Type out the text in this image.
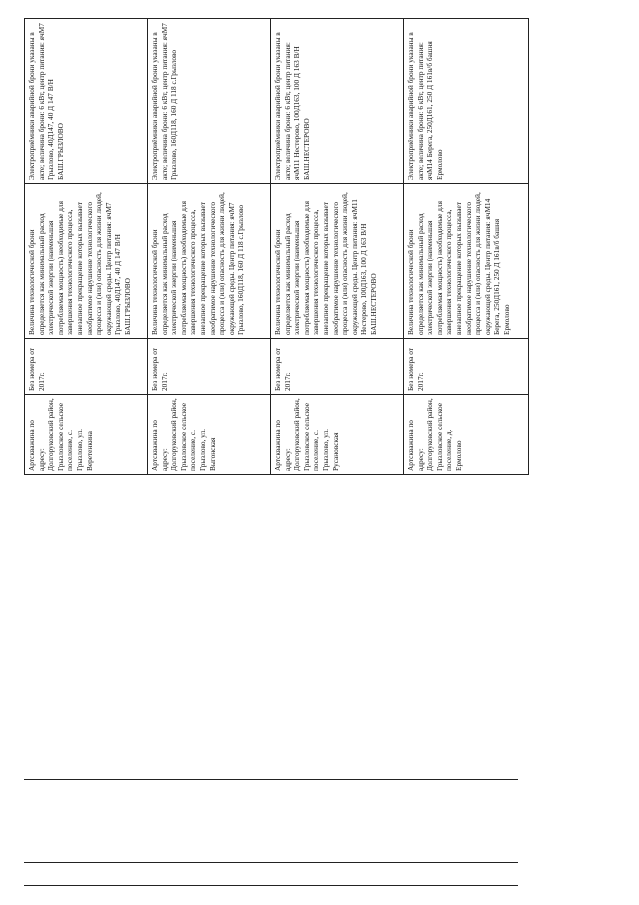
Артскважина по адресу: Долгоруковский район, Грызловское сельское поселение, с. Грызлово, ул. Веретенкина	Без номера от 2017г.	Величина технологической брони определяется как минимальный расход электрической энергии (наименьшая потребляемая мощность) необходимые для завершения технологического процесса, внезапное прекращение которых вызывает необратимое нарушение технологического процесса и (или) опасность для жизни людей, окружающей среды. Центр питания: ячМ7 Грызлово, 40Д147, 40 Д 147 В/Н БАШ.ГРЫЗЛОВО	Электроприёмники аварийной брони указаны в акте; величина брони: 6 кВт, центр питания: ячМ7 Грызлово, 40Д147, 40 Д 147 В/Н БАШ.ГРЫЗЛОВО
Артскважина по адресу: Долгоруковский район, Грызловское сельское поселение, с. Грызлово, ул. Выгонская	Без номера от 2017г.	Величина технологической брони определяется как минимальный расход электрической энергии (наименьшая потребляемая мощность) необходимые для завершения технологического процесса, внезапное прекращение которых вызывает необратимое нарушение технологического процесса и (или) опасность для жизни людей, окружающей среды. Центр питания: ячМ7 Грызлово, 160Д118, 160 Д 118 с.Грызлово	Электроприёмники аварийной брони указаны в акте; величина брони: 6 кВт, центр питания: ячМ7 Грызлово, 160Д118, 160 Д 118 с.Грызлово
Артскважина по адресу: Долгоруковский район, Грызловское сельское поселение, с. Грызлово, ул. Русановская	Без номера от 2017г.	Величина технологической брони определяется как минимальный расход электрической энергии (наименьшая потребляемая мощность) необходимые для завершения технологического процесса, внезапное прекращение которых вызывает необратимое нарушение технологического процесса и (или) опасность для жизни людей, окружающей среды. Центр питания: ячМ11 Нестерово, 100Д163, 100 Д 163 В/Н БАШ.НЕСТЕРОВО	Электроприёмники аварийной брони указаны в акте; величина брони: 6 кВт, центр питания: ячМ11 Нестерово, 100Д163, 100 Д 163 В/Н БАШ.НЕСТЕРОВО
Артскважина по адресу: Долгоруковский район, Грызловское сельское поселение, д. Ермолово	Без номера от 2017г.	Величина технологической брони определяется как минимальный расход электрической энергии (наименьшая потребляемая мощность) необходимые для завершения технологического процесса, внезапное прекращение которых вызывает необратимое нарушение технологического процесса и (или) опасность для жизни людей, окружающей среды. Центр питания: ячМ14 Берега, 250Д161, 250 Д 161в/б башня Ермолово	Электроприёмники аварийной брони указаны в акте; величина брони: 6 кВт, центр питания: ячМ14 Берега, 250Д161, 250 Д 161в/б башня Ермолово
